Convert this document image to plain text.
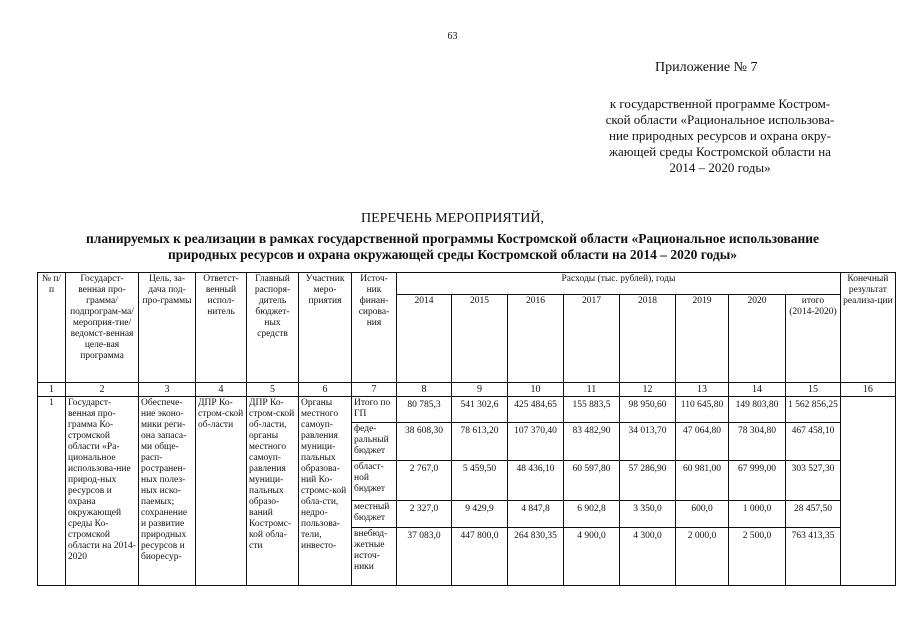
63
Приложение № 7
к государственной программе Костром-
ской области «Рациональное использова-
ние природных ресурсов и охрана окру-
жающей среды Костромской области на
2014 – 2020 годы»
ПЕРЕЧЕНЬ МЕРОПРИЯТИЙ,
планируемых к реализации в рамках государственной программы Костромской области «Рациональное использование
природных ресурсов и охрана окружающей среды Костромской области на 2014 – 2020 годы»
№ п/п	Государст-венная про-грамма/ подпрограм-ма/мероприя-тие/ведомст-венная целе-вая программа	Цель, за-дача под-про-граммы	Ответст-венный испол-нитель	Главный распоря-дитель бюджет-ных средств	Участник меро-приятия	Источ-ник финан-сирова-ния	Расходы (тыс. рублей), годы								Конечный результат реализа-ции
							2014	2015	2016	2017	2018	2019	2020	итого (2014-2020)	
1	2	3	4	5	6	7	8	9	10	11	12	13	14	15	16
1	Государст-венная про-грамма Ко-стромской области «Ра-циональное использова-ние природ-ных ресурсов и охрана окружающей среды Ко-стромской области на 2014-2020	Обеспече-ние эконо-мики реги-она запаса-ми обще-расп-ространен-ных полез-ных иско-паемых; сохранение и развитие природных ресурсов и биоресур-	ДПР Ко-стром-ской об-ласти	ДПР Ко-стром-ской об-ласти, органы местного самоуп-равления муници-пальных образо-ваний Костромс-кой обла-сти	Органы местного самоуп-равления муници-пальных образова-ний Ко-стромс-кой обла-сти, недро-пользова-тели, инвесто-	Итого по ГП	80 785,3	541 302,6	425 484,65	155 883,5	98 950,60	110 645,80	149 803,80	1 562 856,25	
						феде-ральный бюджет	38 608,30	78 613,20	107 370,40	83 482,90	34 013,70	47 064,80	78 304,80	467 458,10	
						област-ной бюджет	2 767,0	5 459,50	48 436,10	60 597,80	57 286,90	60 981,00	67 999,00	303 527,30	
						местный бюджет	2 327,0	9 429,9	4 847,8	6 902,8	3 350,0	600,0	1 000,0	28 457,50	
						внебюд-жетные источ-ники	37 083,0	447 800,0	264 830,35	4 900,0	4 300,0	2 000,0	2 500,0	763 413,35	
